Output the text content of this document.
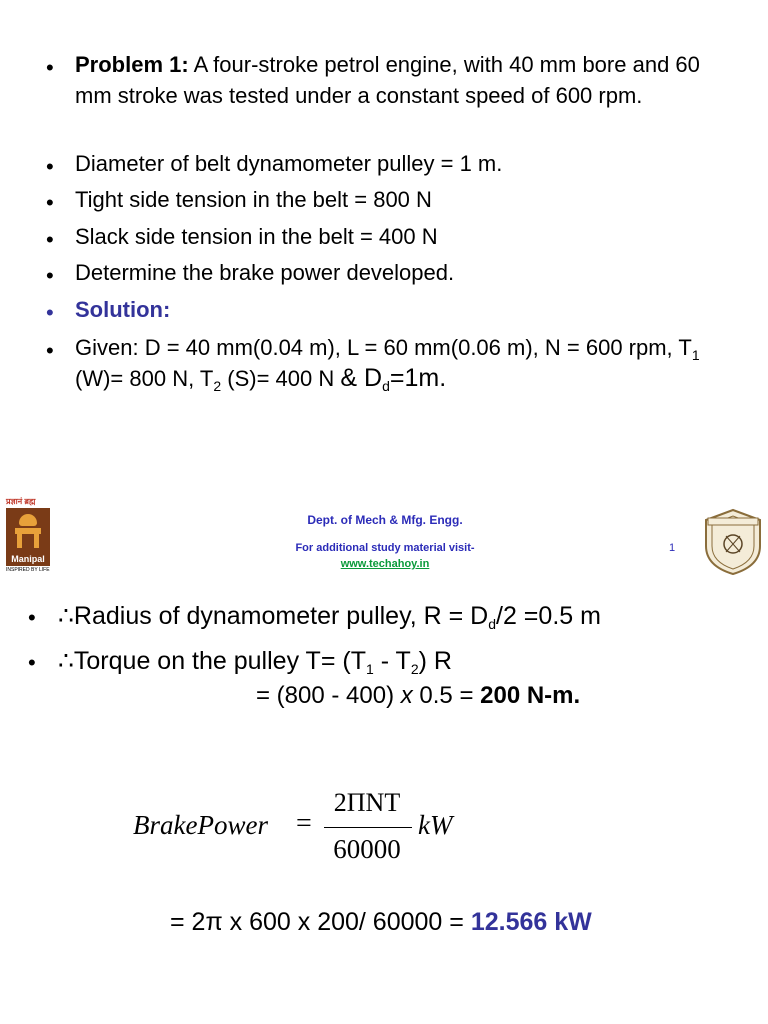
• Problem 1: A four-stroke petrol engine, with 40 mm bore and 60 mm stroke was tested under a constant speed of 600 rpm.
• Diameter of belt dynamometer pulley = 1 m.
• Tight side tension in the belt = 800 N
• Slack side tension in the belt = 400 N
• Determine the brake power developed.
• Solution:
• Given: D = 40 mm(0.04 m), L = 60 mm(0.06 m), N = 600 rpm, $T_1$ (W)= 800 N, $T_2$ (S)= 400 N & $D_d=1m$.
प्रज्ञानं ब्रह्म
Manipal
INSPIRED BY LIFE
Dept. of Mech & Mfg. Engg.
For additional study material visit-
www.techahoy.in
1
• ∴Radius of dynamometer pulley, $R = D_d/2 =0.5$ m
• ∴Torque on the pulley $T= (T_1 - T_2)$ R
= (800 - 400) x 0.5 = 200 N-m.
BrakePower =
2ΠNT
60000
kW
= 2π x 600 x 200/ 60000 = 12.566 kW
